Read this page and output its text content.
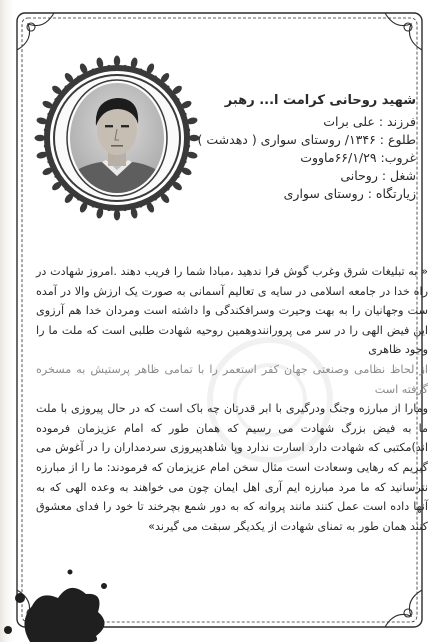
شهید روحانی کرامت ا... رهبر
فرزند : علی برات
طلوع : ۱۳۴۶/ روستای سواری ( دهدشت )
غروب: ۶۶/۱/۲۹ماووت
شغل : روحانی
زیارتگاه : روستای سواری

« به تبلیغات شرق وغرب گوش فرا ندهید ،مبادا شما را فریب دهند .امروز شهادت در راه خدا در جامعه اسلامی در سایه ی تعالیم آسمانی به صورت یک ارزش والا در آمده ست وجهانیان را به بهت وحیرت وسرافکندگی وا داشته است ومردان خدا هم آرزوی این فیض الهی را در سر می پرورانندوهمین روحیه شهادت طلبی است که ملت ما را وجود ظاهری

از لحاظ نظامی وصنعتی جهان کفر استعمر را با تمامی ظاهر پرستیش به مسخره گرفته است

ومارا از مبارزه وجنگ ودرگیری با ابر قدرتان چه باک است که در حال پیروزی با ملت ما به فیض بزرگ شهادت می رسیم که همان طور که امام عزیزمان فرموده اند)مکتبی که شهادت دارد اسارت ندارد وپا شاهدپیروزی سردمداران را در آغوش می گیریم که رهایی وسعادت است مثال سخن امام عزیزمان که فرمودند: ما را از مبارزه نترسانید که ما مرد مبارزه ایم آری اهل ایمان چون می خواهند به وعده الهی که به آنها داده است عمل کنند مانند پروانه که به دور شمع بچرخند تا خود را فدای معشوق کنند همان طور به تمنای شهادت از یکدیگر سبقت می گیرند»
